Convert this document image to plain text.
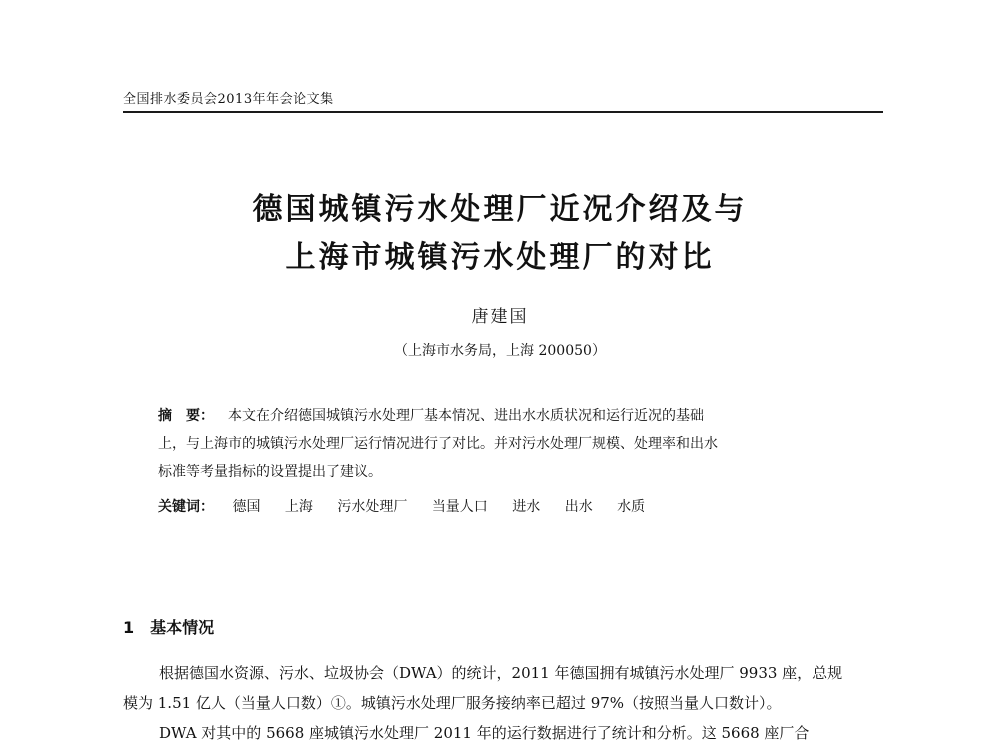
全国排水委员会2013年年会论文集
德国城镇污水处理厂近况介绍及与
上海市城镇污水处理厂的对比
唐建国
（上海市水务局，上海 200050）
摘　要： 本文在介绍德国城镇污水处理厂基本情况、进出水水质状况和运行近况的基础
上，与上海市的城镇污水处理厂运行情况进行了对比。并对污水处理厂规模、处理率和出水
标准等考量指标的设置提出了建议。
关键词： 德国 上海 污水处理厂 当量人口 进水 出水 水质
1 基本情况
根据德国水资源、污水、垃圾协会（DWA）的统计，2011 年德国拥有城镇污水处理厂 9933 座，总规
模为 1.51 亿人（当量人口数）①。城镇污水处理厂服务接纳率已超过 97%（按照当量人口数计）。
DWA 对其中的 5668 座城镇污水处理厂 2011 年的运行数据进行了统计和分析。这 5668 座厂合
